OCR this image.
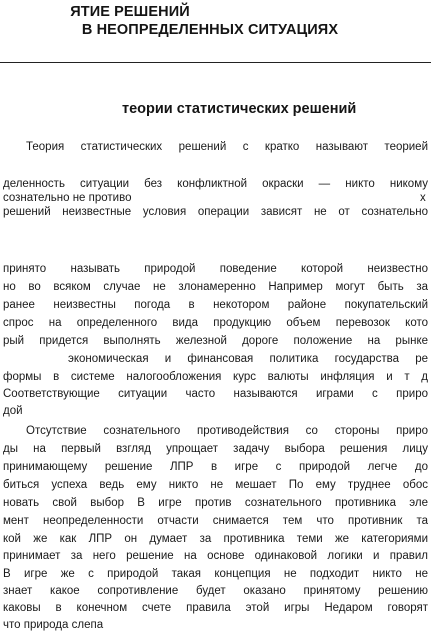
ЯТИЕ РЕШЕНИЙ
В НЕОПРЕДЕЛЕННЫХ СИТУАЦИЯХ
теории статистических решений
Теория статистических решений с кратко называют теорией
деленность ситуации без конфликтной окраски — никто никому
сознательно не противо	х
решений неизвестные условия операции зависят не от сознательно
принято называть природой поведение которой неизвестно
но во всяком случае не злонамеренно Например могут быть за
ранее неизвестны погода в некотором районе покупательский
спрос на определенного вида продукцию объем перевозок кото
рый придется выполнять железной дороге положение на рынке
экономическая и финансовая политика государства ре
формы в системе налогообложения курс валюты инфляция и т д
Соответствующие ситуации часто называются играми с приро
дой
Отсутствие сознательного противодействия со стороны приро
ды на первый взгляд упрощает задачу выбора решения лицу
принимающему решение ЛПР в игре с природой легче до
биться успеха ведь ему никто не мешает По ему труднее обос
новать свой выбор В игре против сознательного противника эле
мент неопределенности отчасти снимается тем что противник та
кой же как ЛПР он думает за противника теми же категориями
принимает за него решение на основе одинаковой логики и правил
В игре же с природой такая концепция не подходит никто не
знает какое сопротивление будет оказано принятому решению
каковы в конечном счете правила этой игры Недаром говорят
что природа слепа
